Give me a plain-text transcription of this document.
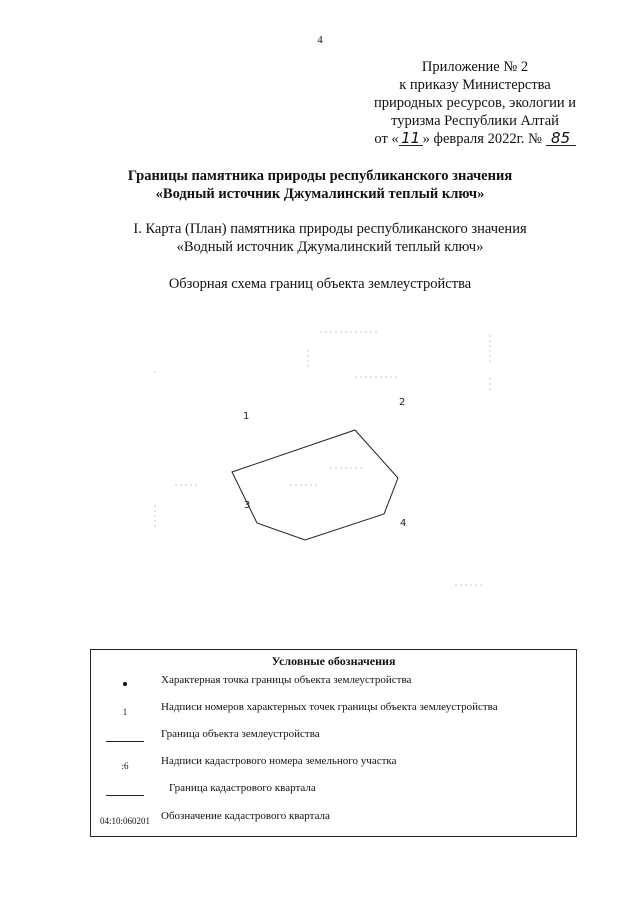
4
Приложение № 2
к приказу Министерства
природных ресурсов, экологии и
туризма Республики Алтай
от « 11 » февраля 2022г. № 85
Границы памятника природы республиканского значения
«Водный источник Джумалинский теплый ключ»
I. Карта (План) памятника природы республиканского значения
«Водный источник Джумалинский теплый ключ»
Обзорная схема границ объекта землеустройства
1
2
3
4
Условные обозначения
Характерная точка границы объекта землеустройства
1	Надписи номеров характерных точек границы объекта землеустройства
Граница объекта землеустройства
:6	Надписи кадастрового номера земельного участка
Граница кадастрового квартала
04:10:060201	Обозначение кадастрового квартала
